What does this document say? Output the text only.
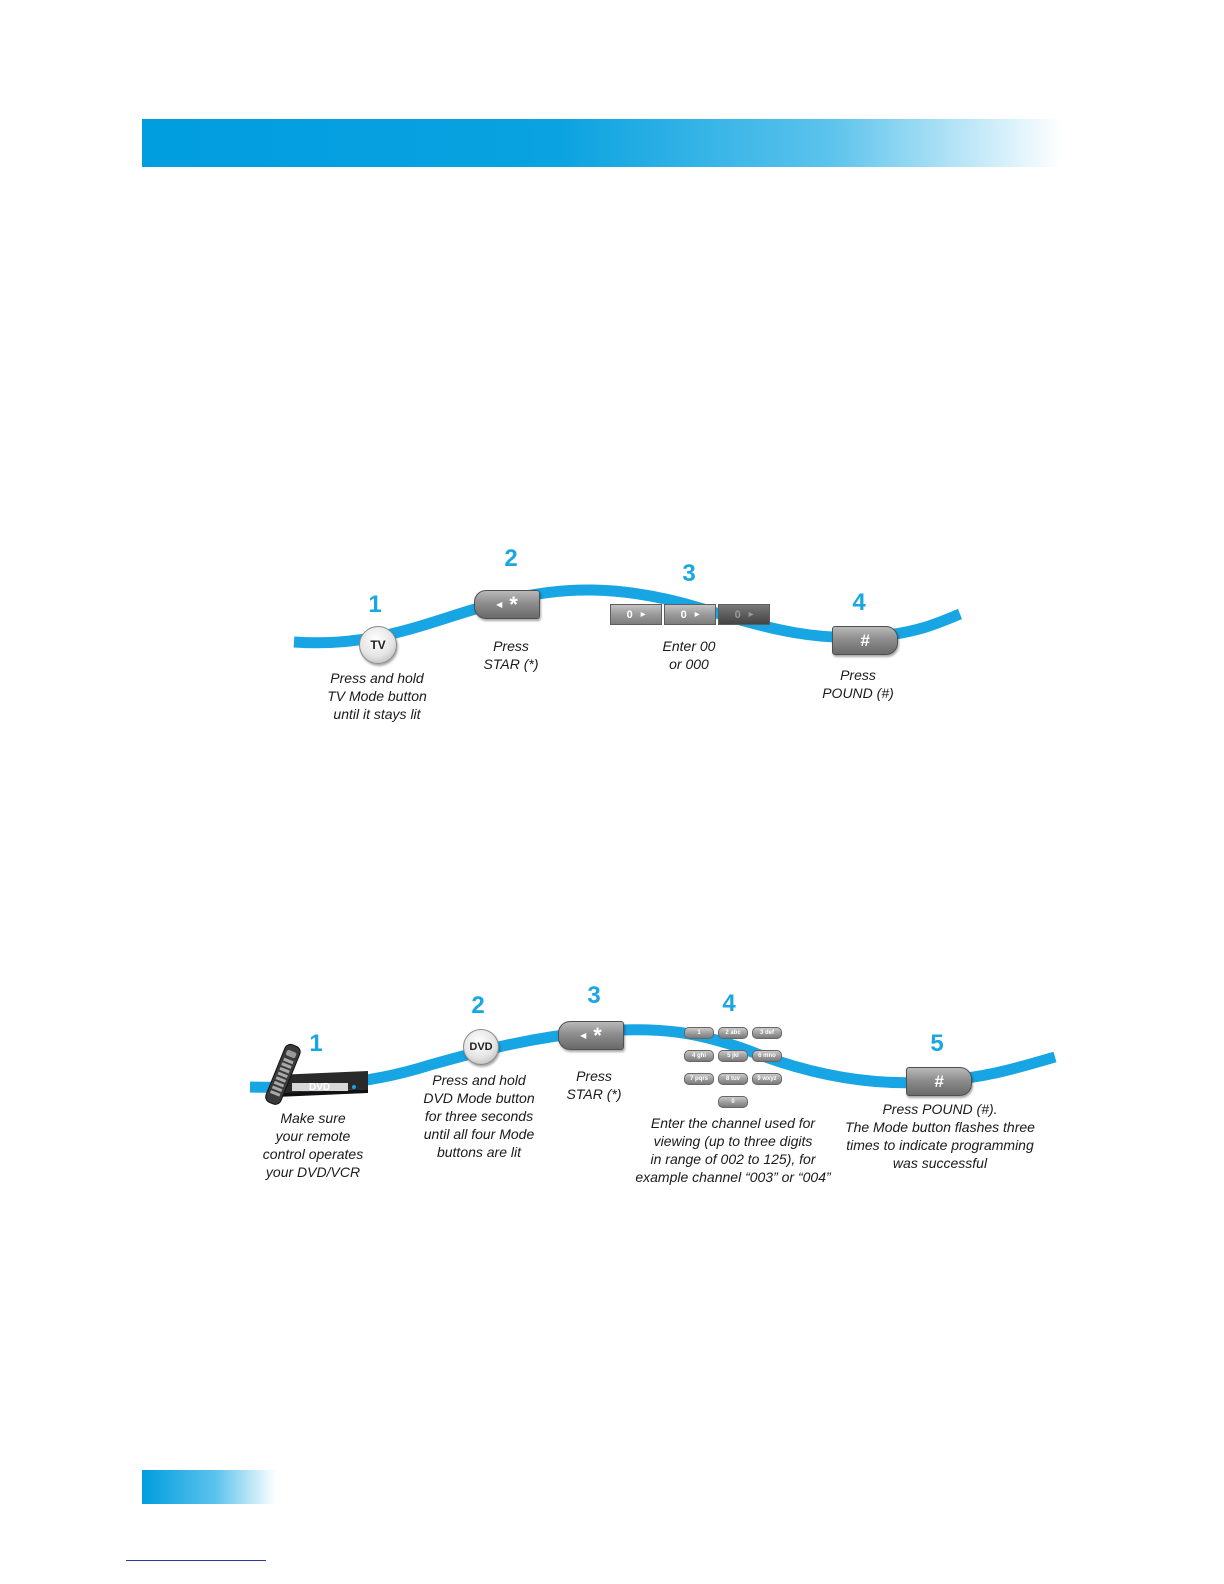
1
2
3
4
TV
◀ *	0 ▶	0 ▶	0 ▶
#
Press and hold
TV Mode button
until it stays lit
Press
STAR (*)
Enter 00
or 000
Press
POUND (#)
1
2	3	4
5
DVD
DVD
◀ *	1	2 abc	3 def
4 ghi	5 jkl	6 mno
7 pqrs	8 tuv	9 wxyz
0
#
Make sure
your remote
control operates
your DVD/VCR
Press and hold
DVD Mode button
for three seconds
until all four Mode
buttons are lit
Press
STAR (*)
Enter the channel used for
viewing (up to three digits
in range of 002 to 125), for
example channel “003” or “004”
Press POUND (#).
The Mode button flashes three
times to indicate programming
was successful
